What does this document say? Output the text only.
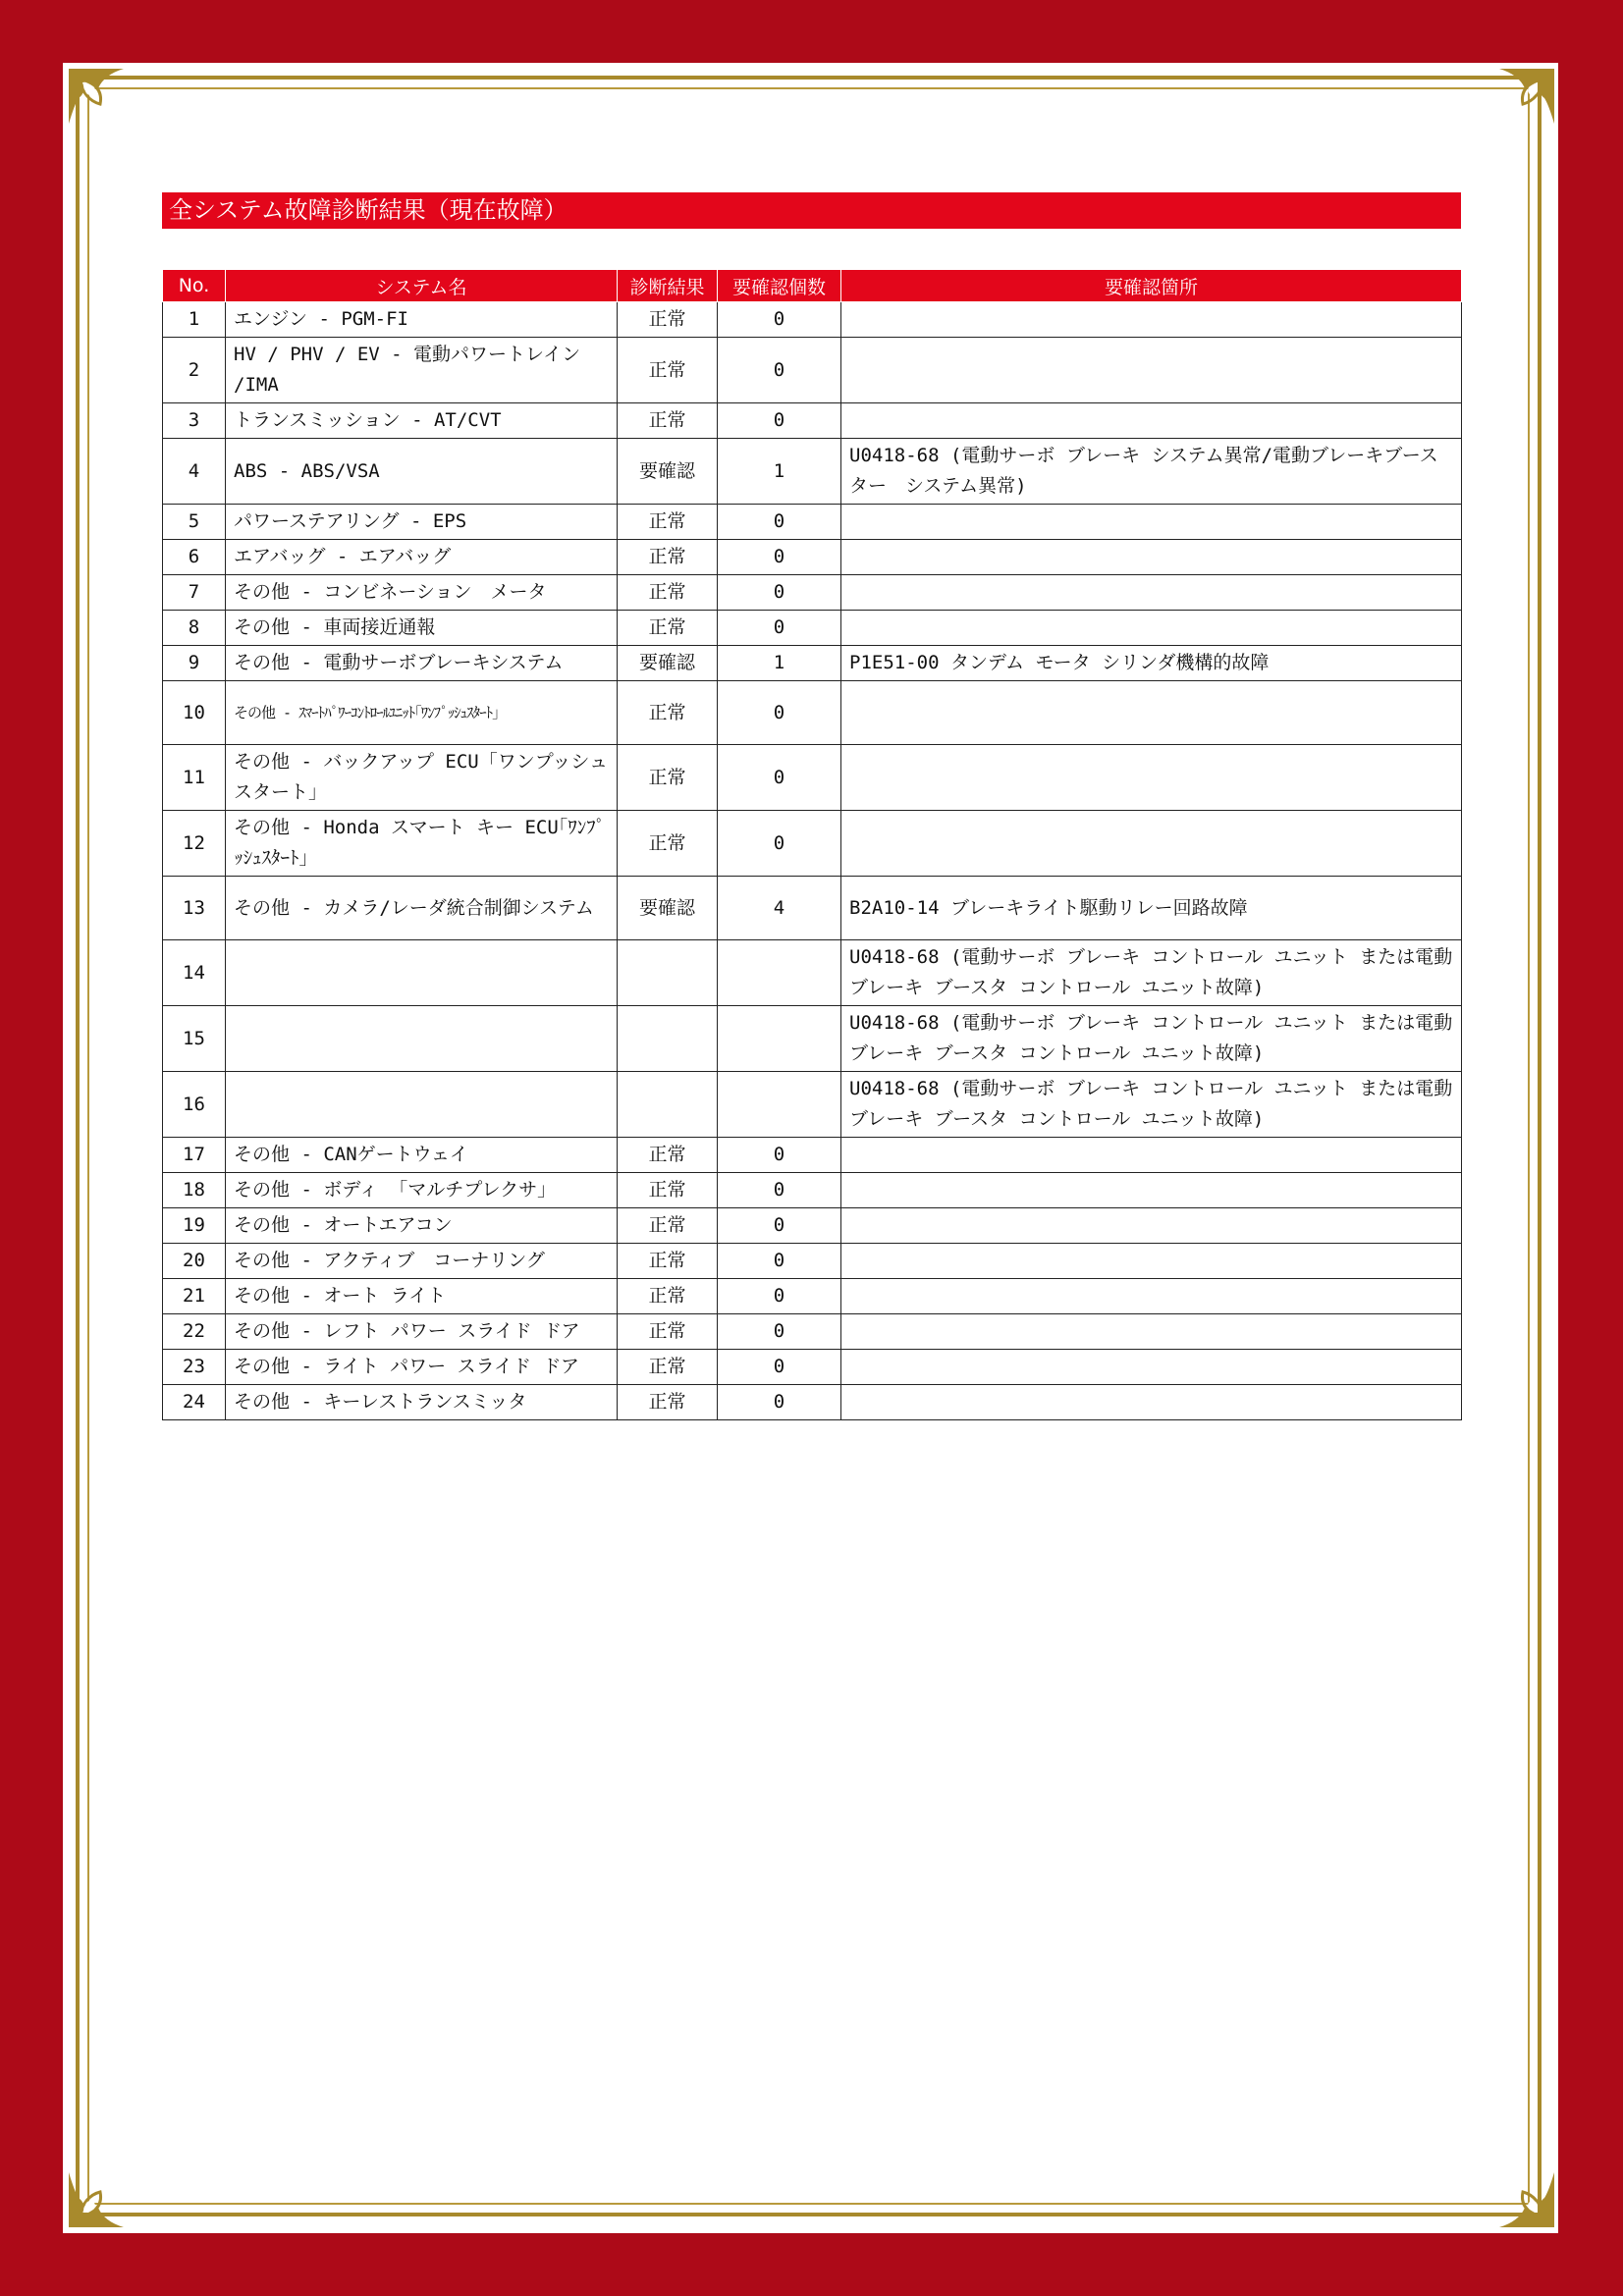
全システム故障診断結果（現在故障）
No.	システム名	診断結果	要確認個数	要確認箇所
1	エンジン - PGM-FI	正常	0	
2	HV / PHV / EV - 電動パワートレイン /IMA	正常	0	
3	トランスミッション - AT/CVT	正常	0	
4	ABS - ABS/VSA	要確認	1	U0418-68 (電動サーボ ブレーキ システム異常/電動ブレーキブースター　システム異常)
5	パワーステアリング - EPS	正常	0	
6	エアバッグ - エアバッグ	正常	0	
7	その他 - コンビネーション　メータ	正常	0	
8	その他 - 車両接近通報	正常	0	
9	その他 - 電動サーボブレーキシステム	要確認	1	P1E51-00 タンデム モータ シリンダ機構的故障
10	その他 - ｽﾏｰﾄﾊﾟﾜｰｺﾝﾄﾛｰﾙﾕﾆｯﾄ｢ﾜﾝﾌﾟｯｼｭｽﾀｰﾄ｣	正常	0	
11	その他 - バックアップ ECU「ワンプッシュスタート」	正常	0	
12	その他 - Honda スマート キー ECU｢ﾜﾝﾌﾟｯｼｭｽﾀｰﾄ｣	正常	0	
13	その他 - カメラ/レーダ統合制御システム	要確認	4	B2A10-14 ブレーキライト駆動リレー回路故障
14				U0418-68 (電動サーボ ブレーキ コントロール ユニット または電動ブレーキ ブースタ コントロール ユニット故障)
15				U0418-68 (電動サーボ ブレーキ コントロール ユニット または電動ブレーキ ブースタ コントロール ユニット故障)
16				U0418-68 (電動サーボ ブレーキ コントロール ユニット または電動ブレーキ ブースタ コントロール ユニット故障)
17	その他 - CANゲートウェイ	正常	0	
18	その他 - ボディ 「マルチプレクサ」	正常	0	
19	その他 - オートエアコン	正常	0	
20	その他 - アクティブ　コーナリング	正常	0	
21	その他 - オート ライト	正常	0	
22	その他 - レフト パワー スライド ドア	正常	0	
23	その他 - ライト パワー スライド ドア	正常	0	
24	その他 - キーレストランスミッタ	正常	0	
